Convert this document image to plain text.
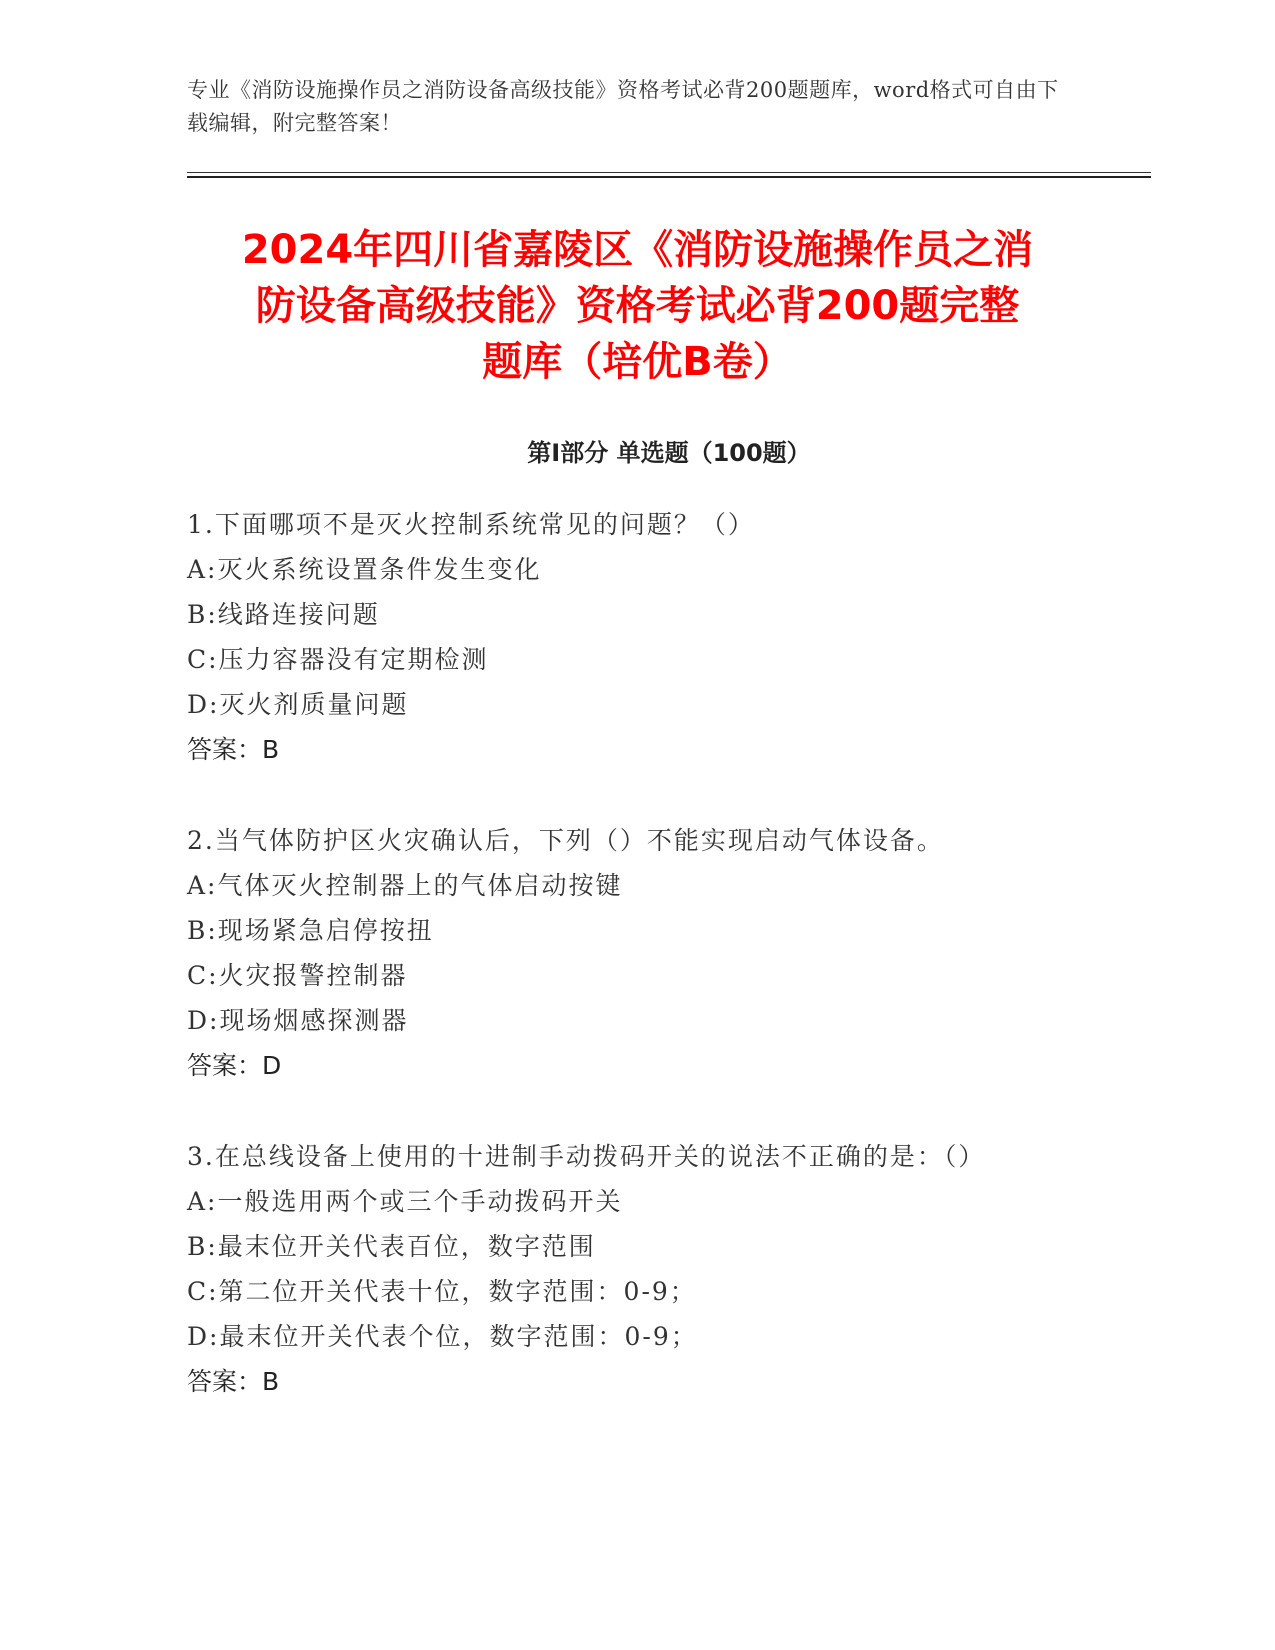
专业《消防设施操作员之消防设备高级技能》资格考试必背200题题库，word格式可自由下载编辑，附完整答案！
2024年四川省嘉陵区《消防设施操作员之消
防设备高级技能》资格考试必背200题完整
题库（培优B卷）
第Ⅰ部分 单选题（100题）
1.下面哪项不是灭火控制系统常见的问题？（）
A:灭火系统设置条件发生变化
B:线路连接问题
C:压力容器没有定期检测
D:灭火剂质量问题
答案：B
2.当气体防护区火灾确认后，下列（）不能实现启动气体设备。
A:气体灭火控制器上的气体启动按键
B:现场紧急启停按扭
C:火灾报警控制器
D:现场烟感探测器
答案：D
3.在总线设备上使用的十进制手动拨码开关的说法不正确的是：（）
A:一般选用两个或三个手动拨码开关
B:最末位开关代表百位，数字范围
C:第二位开关代表十位，数字范围：0-9；
D:最末位开关代表个位，数字范围：0-9；
答案：B
